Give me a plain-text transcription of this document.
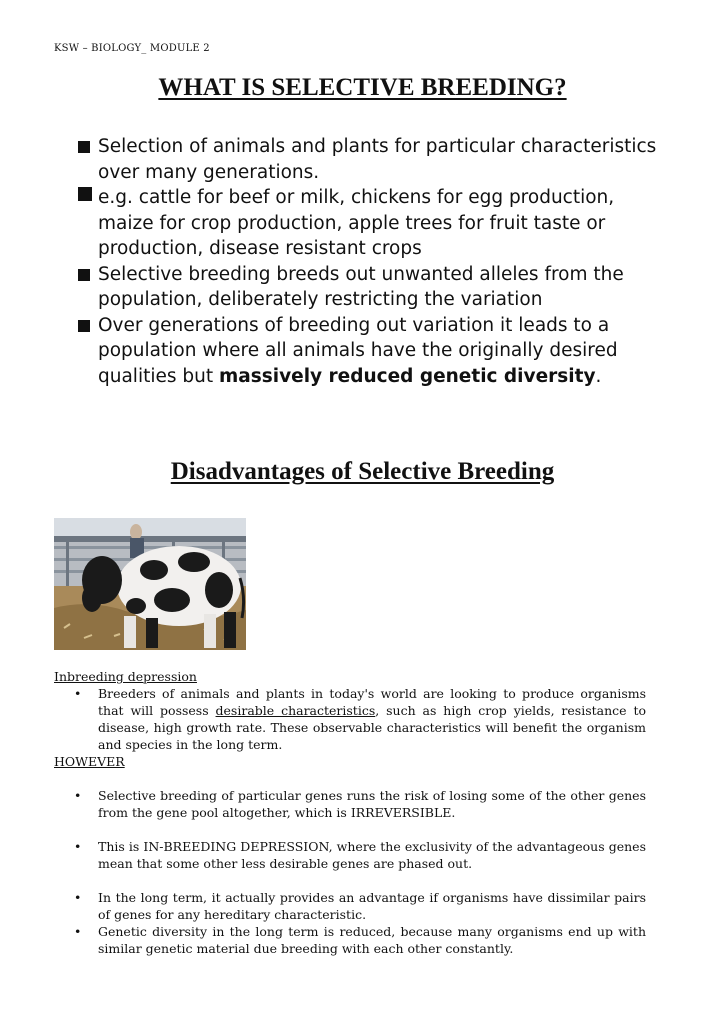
KSW – BIOLOGY_ MODULE 2
WHAT IS SELECTIVE BREEDING?
Selection of animals and plants for particular characteristics over many generations.
e.g. cattle for beef or milk, chickens for egg production, maize for crop production, apple trees for fruit taste or production, disease resistant crops
Selective breeding breeds out unwanted alleles from the population, deliberately restricting the variation
Over generations of breeding out variation it leads to a population where all animals have the originally desired qualities but massively reduced genetic diversity.
Disadvantages of Selective Breeding
Inbreeding depression
• Breeders of animals and plants in today's world are looking to produce organisms that will possess desirable characteristics, such as high crop yields, resistance to disease, high growth rate. These observable characteristics will benefit the organism and species in the long term.
HOWEVER
• Selective breeding of particular genes runs the risk of losing some of the other genes from the gene pool altogether, which is IRREVERSIBLE.
• This is IN-BREEDING DEPRESSION, where the exclusivity of the advantageous genes mean that some other less desirable genes are phased out.
• In the long term, it actually provides an advantage if organisms have dissimilar pairs of genes for any hereditary characteristic.
• Genetic diversity in the long term is reduced, because many organisms end up with similar genetic material due breeding with each other constantly.
